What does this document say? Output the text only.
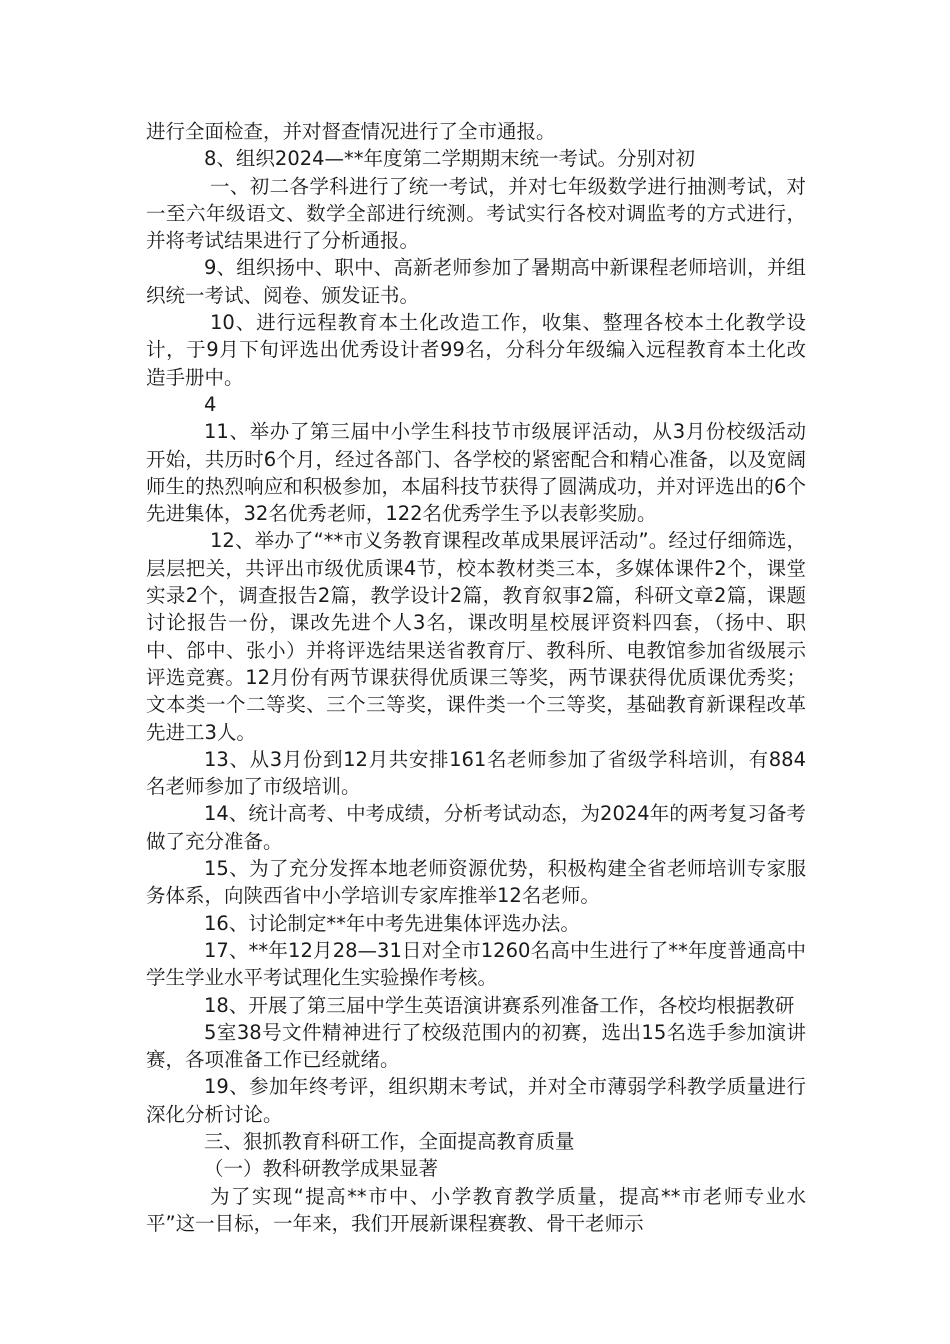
进行全面检查，并对督查情况进行了全市通报。

8、组织2024—**年度第二学期期末统一考试。分别对初

一、初二各学科进行了统一考试，并对七年级数学进行抽测考试，对一至六年级语文、数学全部进行统测。考试实行各校对调监考的方式进行，并将考试结果进行了分析通报。

9、组织扬中、职中、高新老师参加了暑期高中新课程老师培训，并组织统一考试、阅卷、颁发证书。

10、进行远程教育本土化改造工作，收集、整理各校本土化教学设计，于9月下旬评选出优秀设计者99名，分科分年级编入远程教育本土化改造手册中。

4

11、举办了第三届中小学生科技节市级展评活动，从3月份校级活动开始，共历时6个月，经过各部门、各学校的紧密配合和精心准备，以及宽阔师生的热烈响应和积极参加，本届科技节获得了圆满成功，并对评选出的6个先进集体，32名优秀老师，122名优秀学生予以表彰奖励。

12、举办了“**市义务教育课程改革成果展评活动”。经过仔细筛选，层层把关，共评出市级优质课4节，校本教材类三本，多媒体课件2个，课堂实录2个，调查报告2篇，教学设计2篇，教育叙事2篇，科研文章2篇，课题讨论报告一份，课改先进个人3名，课改明星校展评资料四套，（扬中、职中、郃中、张小）并将评选结果送省教育厅、教科所、电教馆参加省级展示评选竞赛。12月份有两节课获得优质课三等奖，两节课获得优质课优秀奖；文本类一个二等奖、三个三等奖，课件类一个三等奖，基础教育新课程改革先进工3人。

13、从3月份到12月共安排161名老师参加了省级学科培训，有884名老师参加了市级培训。

14、统计高考、中考成绩，分析考试动态，为2024年的两考复习备考做了充分准备。

15、为了充分发挥本地老师资源优势，积极构建全省老师培训专家服务体系，向陕西省中小学培训专家库推举12名老师。

16、讨论制定**年中考先进集体评选办法。

17、**年12月28—31日对全市1260名高中生进行了**年度普通高中学生学业水平考试理化生实验操作考核。

18、开展了第三届中学生英语演讲赛系列准备工作，各校均根据教研

5室38号文件精神进行了校级范围内的初赛，选出15名选手参加演讲赛，各项准备工作已经就绪。

19、参加年终考评，组织期末考试，并对全市薄弱学科教学质量进行深化分析讨论。

三、狠抓教育科研工作，全面提高教育质量

（一）教科研教学成果显著

为了实现“提高**市中、小学教育教学质量，提高**市老师专业水平”这一目标，一年来，我们开展新课程赛教、骨干老师示
